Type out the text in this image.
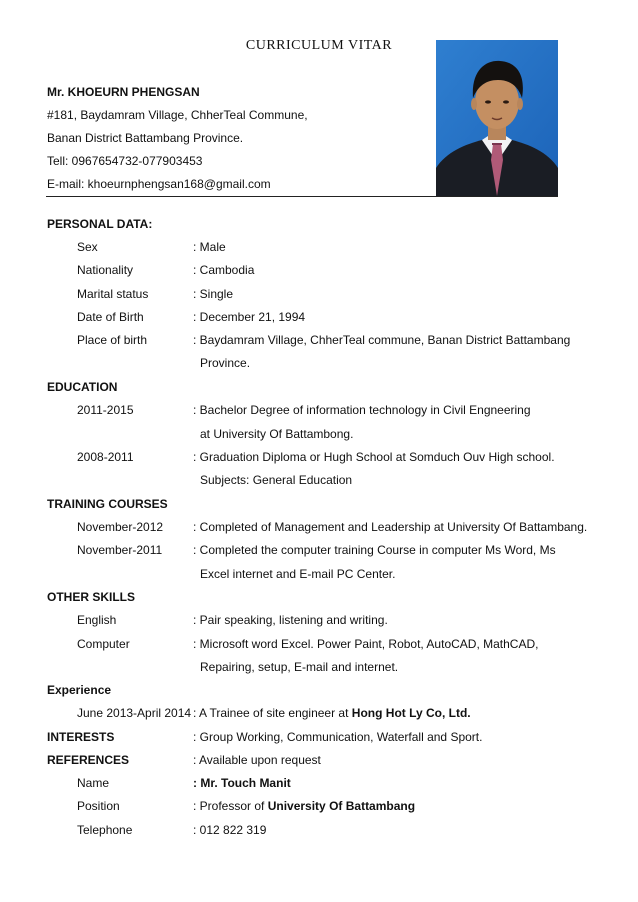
CURRICULUM VITAR
Mr. KHOEURN PHENGSAN
#181, Baydamram Village, ChherTeal Commune,
Banan District Battambang Province.
Tell: 0967654732-077903453
E-mail: khoeurnphengsan168@gmail.com
PERSONAL DATA:
Sex	: Male
Nationality	: Cambodia
Marital status	: Single
Date of Birth	: December 21, 1994
Place of birth	: Baydamram Village, ChherTeal commune, Banan District Battambang
Province.
EDUCATION
2011-2015	: Bachelor Degree of information technology in Civil Engneering
at University Of Battambong.
2008-2011	: Graduation Diploma or Hugh School at Somduch Ouv High school.
Subjects: General Education
TRAINING COURSES
November-2012 : Completed of Management and Leadership at University Of Battambang.
November-2011	: Completed the computer training Course in computer Ms Word, Ms
Excel internet and E-mail PC Center.
OTHER SKILLS
English	: Pair speaking, listening and writing.
Computer	: Microsoft word Excel. Power Paint, Robot, AutoCAD, MathCAD,
Repairing, setup, E-mail and internet.
Experience
June 2013-April 2014 : A Trainee of site engineer at Hong Hot Ly Co, Ltd.
INTERESTS	: Group Working, Communication, Waterfall and Sport.
REFERENCES	: Available upon request
Name	: Mr. Touch Manit
Position	: Professor of University Of Battambang
Telephone	: 012 822 319
